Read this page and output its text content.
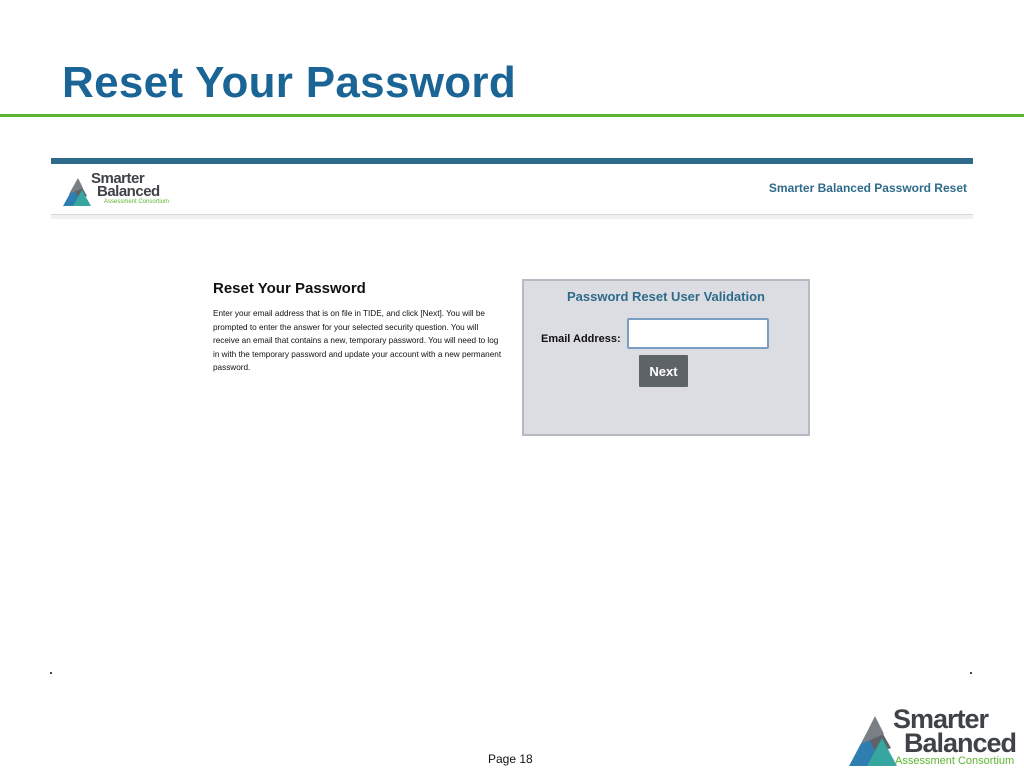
Reset Your Password
Smarter
Balanced
Assessment Consortium
Smarter Balanced Password Reset
Reset Your Password

Enter your email address that is on file in TIDE, and click [Next]. You will be prompted to enter the answer for your selected security question. You will receive an email that contains a new, temporary password. You will need to log in with the temporary password and update your account with a new permanent password.

Password Reset User Validation
Email Address:
Next
Page 18
Smarter
Balanced
Assessment Consortium
